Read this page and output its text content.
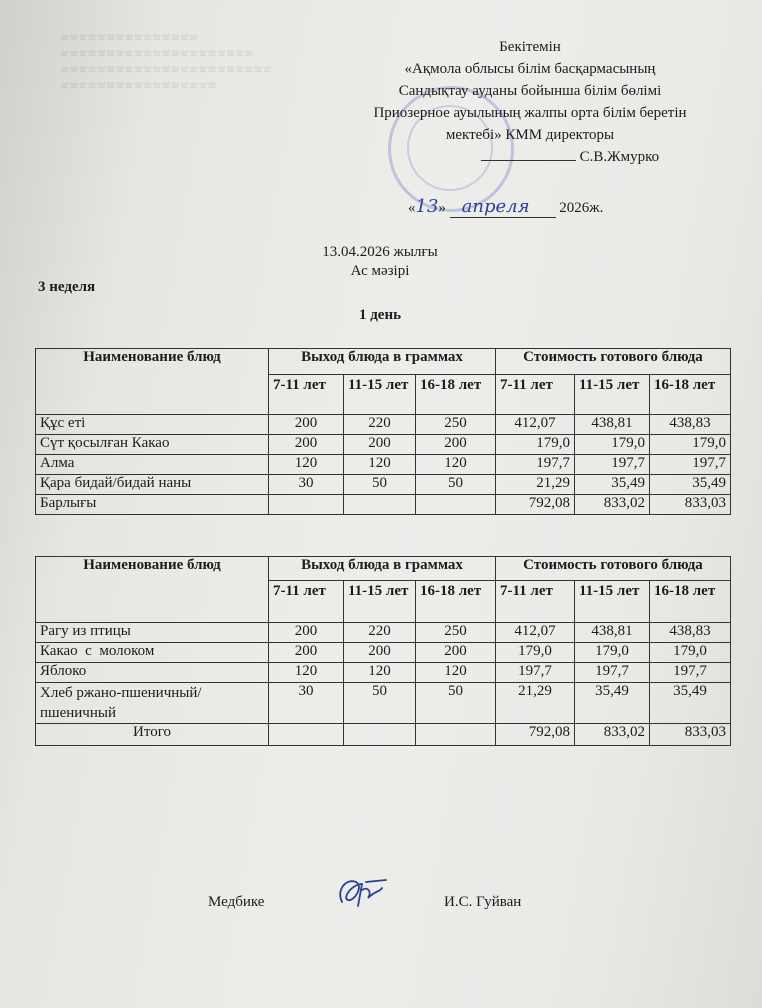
≋≋≋≋≋≋≋≋≋≋≋≋≋≋≋
≋≋≋≋≋≋≋≋≋≋≋≋≋≋≋≋≋≋≋≋≋
≋≋≋≋≋≋≋≋≋≋≋≋≋≋≋≋≋≋≋≋≋≋≋
≋≋≋≋≋≋≋≋≋≋≋≋≋≋≋≋≋
Бекітемін
«Ақмола облысы білім басқармасының
Сандықтау ауданы бойынша білім бөлімі
Приозерное ауылының жалпы орта білім беретін
мектебі» КММ директоры
С.В.Жмурко
«13» апреля 2026ж.
13.04.2026 жылғы
Ас мәзірі
3 неделя
1 день
Наименование блюд	Выход блюда в граммах			Стоимость готового блюда		
	7-11 лет	11-15 лет	16-18 лет	7-11 лет	11-15 лет	16-18 лет
Құс еті	200	220	250	412,07	438,81	438,83
Сүт қосылған Какао	200	200	200	179,0	179,0	179,0
Алма	120	120	120	197,7	197,7	197,7
Қара бидай/бидай наны	30	50	50	21,29	35,49	35,49
Барлығы				792,08	833,02	833,03
Наименование блюд	Выход блюда в граммах			Стоимость готового блюда		
	7-11 лет	11-15 лет	16-18 лет	7-11 лет	11-15 лет	16-18 лет
Рагу из птицы	200	220	250	412,07	438,81	438,83
Какао  с  молоком	200	200	200	179,0	179,0	179,0
Яблоко	120	120	120	197,7	197,7	197,7
Хлеб ржано-пшеничный/пшеничный	30	50	50	21,29	35,49	35,49
Итого				792,08	833,02	833,03
Медбике	И.С. Гуйван
